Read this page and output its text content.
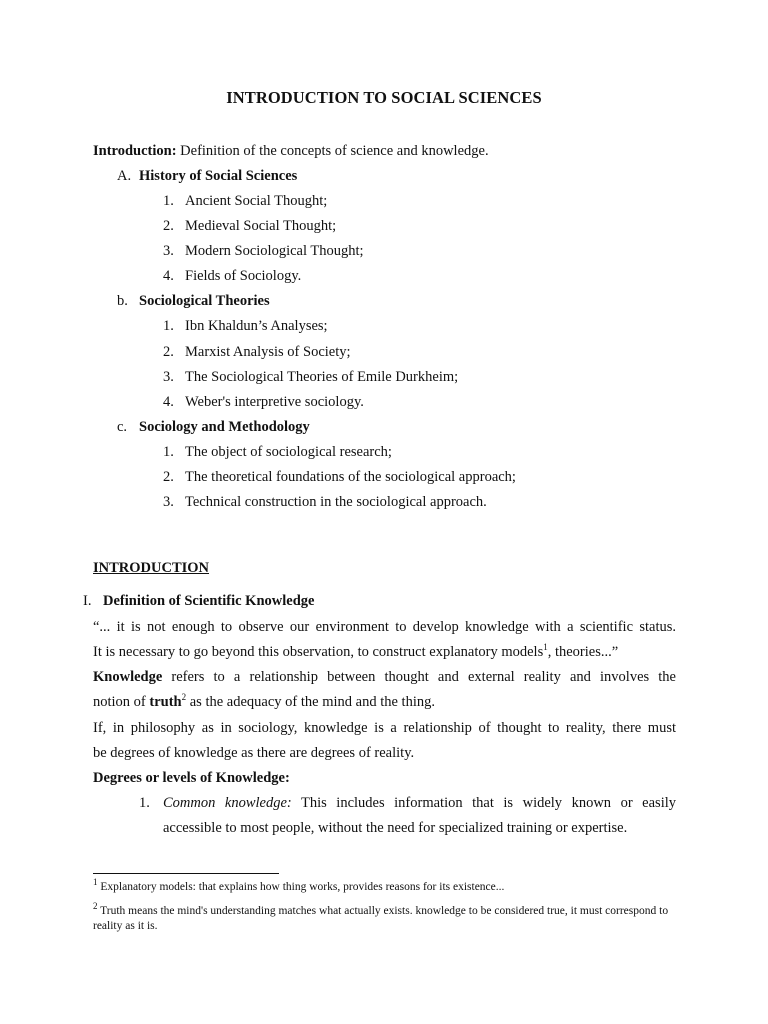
INTRODUCTION TO SOCIAL SCIENCES
Introduction: Definition of the concepts of science and knowledge.
A. History of Social Sciences
1. Ancient Social Thought;
2. Medieval Social Thought;
3. Modern Sociological Thought;
4. Fields of Sociology.
b. Sociological Theories
1. Ibn Khaldun’s Analyses;
2. Marxist Analysis of Society;
3. The Sociological Theories of Emile Durkheim;
4. Weber's interpretive sociology.
c. Sociology and Methodology
1. The object of sociological research;
2. The theoretical foundations of the sociological approach;
3. Technical construction in the sociological approach.
INTRODUCTION
I. Definition of Scientific Knowledge
“... it is not enough to observe our environment to develop knowledge with a scientific status.
It is necessary to go beyond this observation, to construct explanatory models$^1$, theories...”
Knowledge refers to a relationship between thought and external reality and involves the
notion of truth$^2$ as the adequacy of the mind and the thing.
If, in philosophy as in sociology, knowledge is a relationship of thought to reality, there must
be degrees of knowledge as there are degrees of reality.
Degrees or levels of Knowledge:
1. Common knowledge: This includes information that is widely known or easily
accessible to most people, without the need for specialized training or expertise.
$^1$ Explanatory models: that explains how thing works, provides reasons for its existence...
$^2$ Truth means the mind's understanding matches what actually exists. knowledge to be considered true, it must correspond to reality as it is.
